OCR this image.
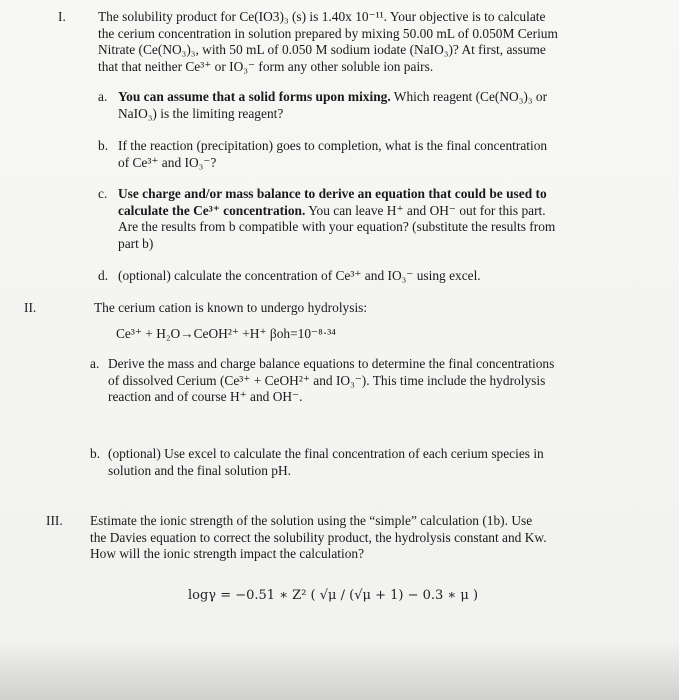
I. The solubility product for Ce(IO3)₃ (s) is 1.40x 10⁻¹¹. Your objective is to calculate
the cerium concentration in solution prepared by mixing 50.00 mL of 0.050M Cerium
Nitrate (Ce(NO₃)₃, with 50 mL of 0.050 M sodium iodate (NaIO₃)? At first, assume
that that neither Ce³⁺ or IO₃⁻ form any other soluble ion pairs.
a. You can assume that a solid forms upon mixing. Which reagent (Ce(NO₃)₃ or
NaIO₃) is the limiting reagent?
b. If the reaction (precipitation) goes to completion, what is the final concentration
of Ce³⁺ and IO₃⁻?
c. Use charge and/or mass balance to derive an equation that could be used to
calculate the Ce³⁺ concentration. You can leave H⁺ and OH⁻ out for this part.
Are the results from b compatible with your equation? (substitute the results from
part b)
d. (optional) calculate the concentration of Ce³⁺ and IO₃⁻ using excel.
II.	The cerium cation is known to undergo hydrolysis:
Ce³⁺ + H₂O→CeOH²⁺ +H⁺ βoh=10⁻⁸·³⁴
a. Derive the mass and charge balance equations to determine the final concentrations
of dissolved Cerium (Ce³⁺ + CeOH²⁺ and IO₃⁻). This time include the hydrolysis
reaction and of course H⁺ and OH⁻.
b. (optional) Use excel to calculate the final concentration of each cerium species in
solution and the final solution pH.
III. Estimate the ionic strength of the solution using the “simple” calculation (1b). Use
the Davies equation to correct the solubility product, the hydrolysis constant and Kw.
How will the ionic strength impact the calculation?
logγ = −0.51 ∗ Z² ( √μ / (√μ + 1) − 0.3 ∗ μ )
